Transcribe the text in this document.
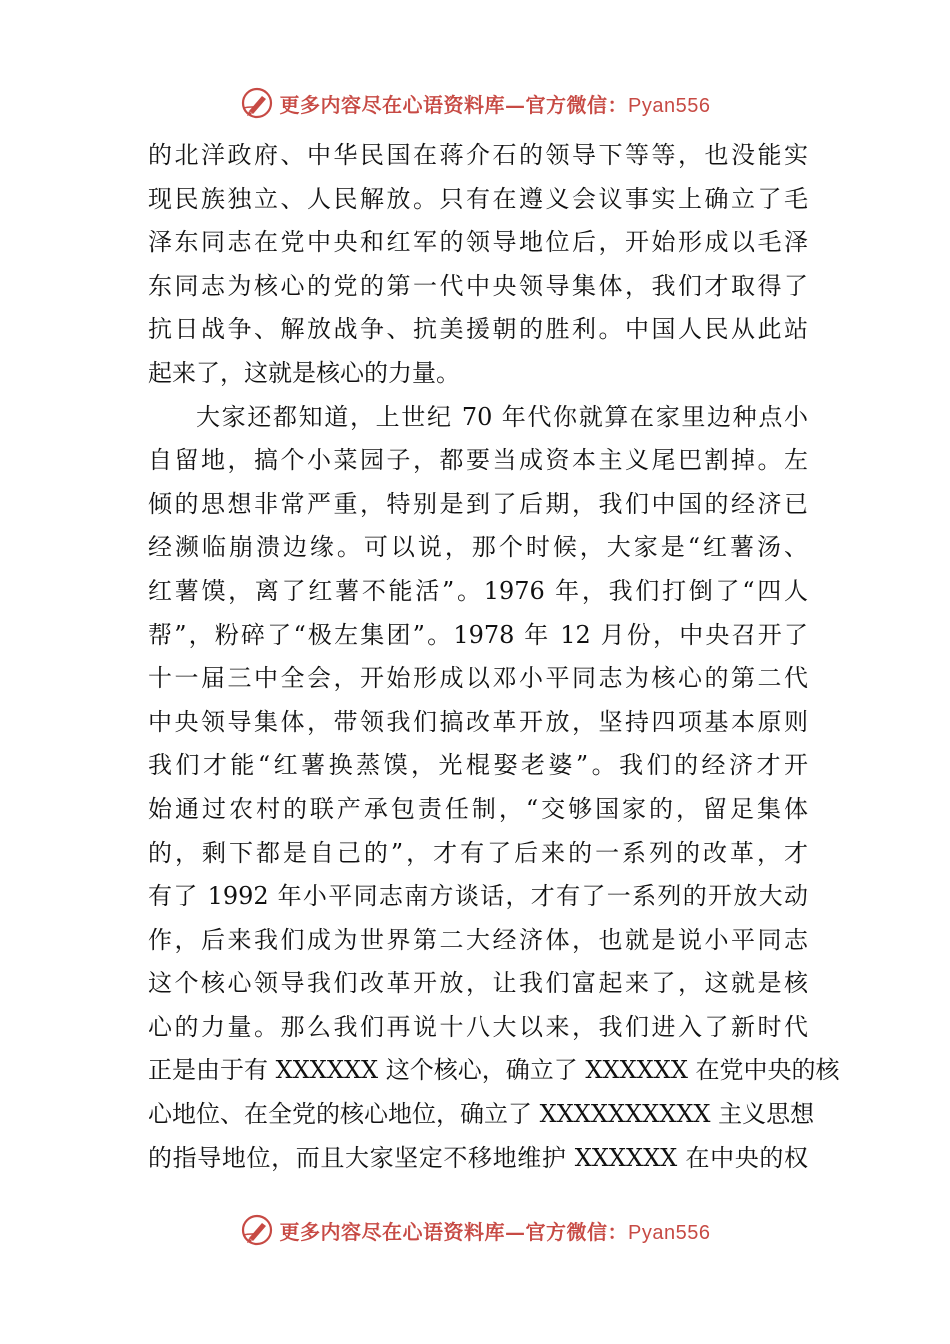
更多内容尽在心语资料库—官方微信：Pyan556
的北洋政府、中华民国在蒋介石的领导下等等，也没能实
现民族独立、人民解放。只有在遵义会议事实上确立了毛
泽东同志在党中央和红军的领导地位后，开始形成以毛泽
东同志为核心的党的第一代中央领导集体，我们才取得了
抗日战争、解放战争、抗美援朝的胜利。中国人民从此站
起来了，这就是核心的力量。
大家还都知道，上世纪 70 年代你就算在家里边种点小
自留地，搞个小菜园子，都要当成资本主义尾巴割掉。左
倾的思想非常严重，特别是到了后期，我们中国的经济已
经濒临崩溃边缘。可以说，那个时候，大家是“红薯汤、
红薯馍，离了红薯不能活”。1976 年，我们打倒了“四人
帮”，粉碎了“极左集团”。1978 年 12 月份，中央召开了
十一届三中全会，开始形成以邓小平同志为核心的第二代
中央领导集体，带领我们搞改革开放，坚持四项基本原则
我们才能“红薯换蒸馍，光棍娶老婆”。我们的经济才开
始通过农村的联产承包责任制，“交够国家的，留足集体
的，剩下都是自己的”，才有了后来的一系列的改革，才
有了 1992 年小平同志南方谈话，才有了一系列的开放大动
作，后来我们成为世界第二大经济体，也就是说小平同志
这个核心领导我们改革开放，让我们富起来了，这就是核
心的力量。那么我们再说十八大以来，我们进入了新时代
正是由于有 XXXXXX 这个核心，确立了 XXXXXX 在党中央的核
心地位、在全党的核心地位，确立了 XXXXXXXXXX 主义思想
的指导地位，而且大家坚定不移地维护 XXXXXX 在中央的权
更多内容尽在心语资料库—官方微信：Pyan556
